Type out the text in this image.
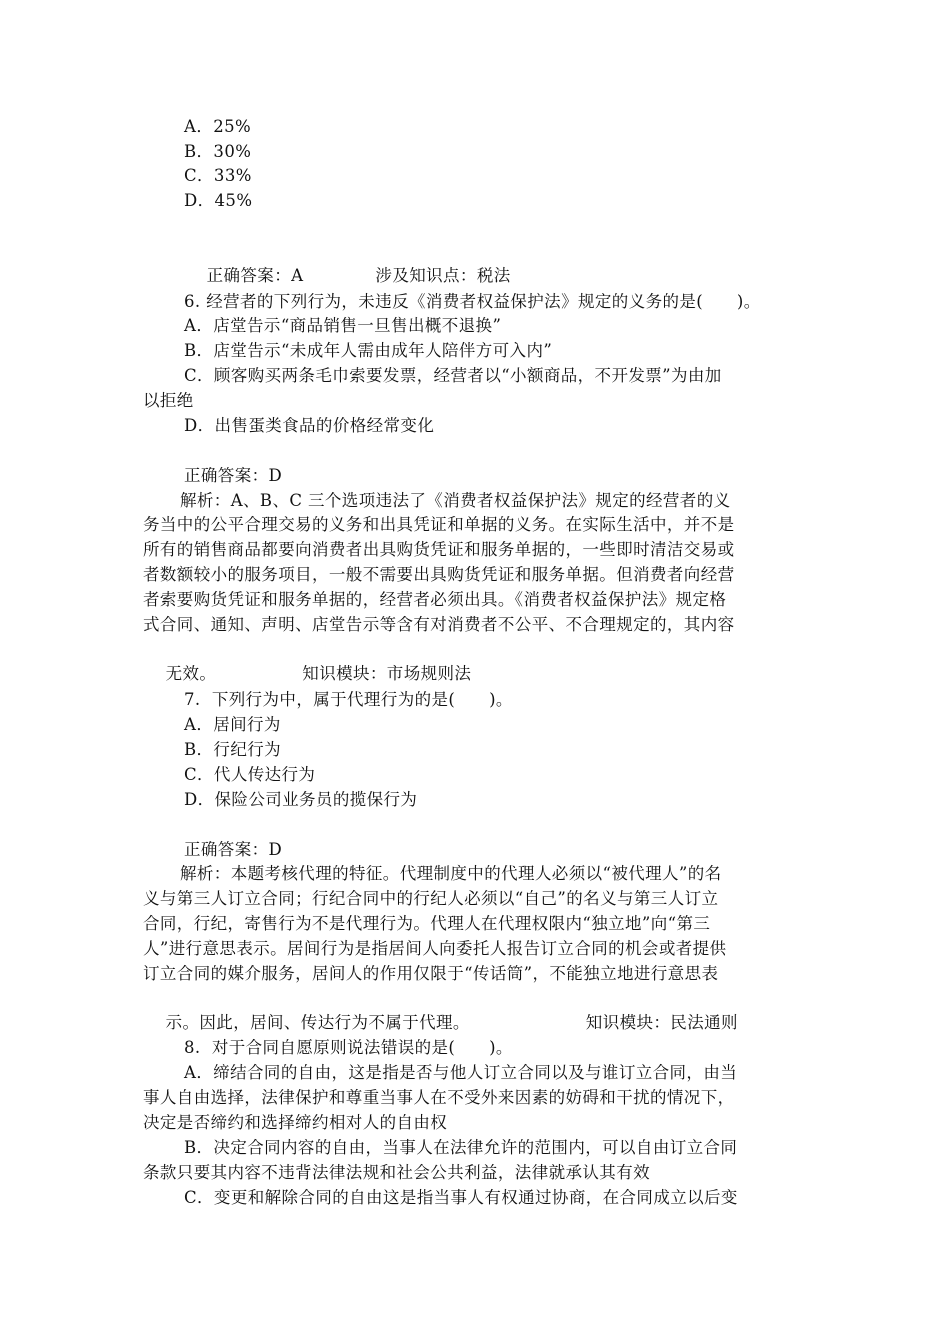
A．25%
B．30%
C．33%
D．45%

正确答案：A	涉及知识点：税法

6. 经营者的下列行为，未违反《消费者权益保护法》规定的义务的是(　　)。
A．店堂告示“商品销售一旦售出概不退换”
B．店堂告示“未成年人需由成年人陪伴方可入内”
C．顾客购买两条毛巾索要发票，经营者以“小额商品，不开发票”为由加
以拒绝
D．出售蛋类食品的价格经常变化
正确答案：D
解析：A、B、C 三个选项违法了《消费者权益保护法》规定的经营者的义
务当中的公平合理交易的义务和出具凭证和单据的义务。在实际生活中，并不是
所有的销售商品都要向消费者出具购货凭证和服务单据的，一些即时清洁交易或
者数额较小的服务项目，一般不需要出具购货凭证和服务单据。但消费者向经营
者索要购货凭证和服务单据的，经营者必须出具。《消费者权益保护法》规定格
式合同、通知、声明、店堂告示等含有对消费者不公平、不合理规定的，其内容

无效。	知识模块：市场规则法

7.  下列行为中，属于代理行为的是(　　)。
A．居间行为
B．行纪行为
C．代人传达行为
D．保险公司业务员的揽保行为
正确答案：D
解析：本题考核代理的特征。代理制度中的代理人必须以“被代理人”的名
义与第三人订立合同；行纪合同中的行纪人必须以“自己”的名义与第三人订立
合同，行纪，寄售行为不是代理行为。代理人在代理权限内“独立地”向“第三
人”进行意思表示。居间行为是指居间人向委托人报告订立合同的机会或者提供
订立合同的媒介服务，居间人的作用仅限于“传话筒”，不能独立地进行意思表

示。因此，居间、传达行为不属于代理。	知识模块：民法通则

8.  对于合同自愿原则说法错误的是(　　)。
A．缔结合同的自由，这是指是否与他人订立合同以及与谁订立合同，由当
事人自由选择，法律保护和尊重当事人在不受外来因素的妨碍和干扰的情况下，
决定是否缔约和选择缔约相对人的自由权
B．决定合同内容的自由，当事人在法律允许的范围内，可以自由订立合同
条款只要其内容不违背法律法规和社会公共利益，法律就承认其有效
C．变更和解除合同的自由这是指当事人有权通过协商，在合同成立以后变
